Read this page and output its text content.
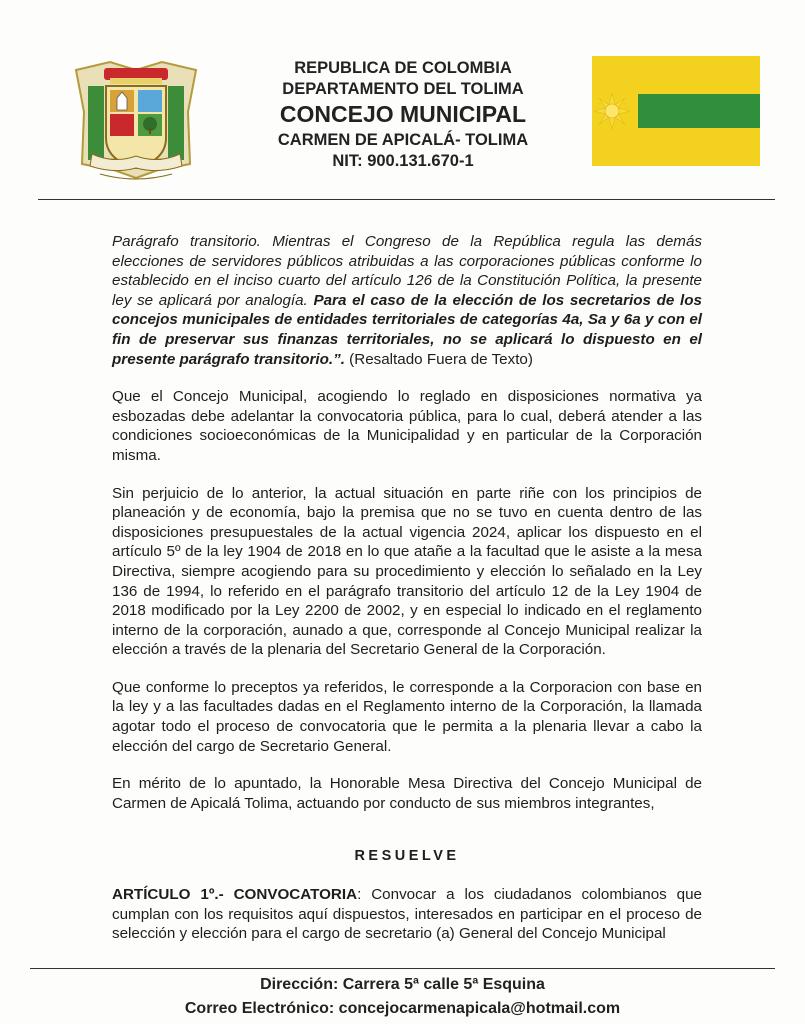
REPUBLICA DE COLOMBIA
DEPARTAMENTO DEL TOLIMA
CONCEJO MUNICIPAL
CARMEN DE APICALÁ- TOLIMA
NIT: 900.131.670-1

Parágrafo transitorio. Mientras el Congreso de la República regula las demás elecciones de servidores públicos atribuidas a las corporaciones públicas conforme lo establecido en el inciso cuarto del artículo 126 de la Constitución Política, la presente ley se aplicará por analogía. Para el caso de la elección de los secretarios de los concejos municipales de entidades territoriales de categorías 4a, Sa y 6a y con el fin de preservar sus finanzas territoriales, no se aplicará lo dispuesto en el presente parágrafo transitorio.”. (Resaltado Fuera de Texto)

Que el Concejo Municipal, acogiendo lo reglado en disposiciones normativa ya esbozadas debe adelantar la convocatoria pública, para lo cual, deberá atender a las condiciones socioeconómicas de la Municipalidad y en particular de la Corporación misma.

Sin perjuicio de lo anterior, la actual situación en parte riñe con los principios de planeación y de economía, bajo la premisa que no se tuvo en cuenta dentro de las disposiciones presupuestales de la actual vigencia 2024, aplicar los dispuesto en el artículo 5º de la ley 1904 de 2018 en lo que atañe a la facultad que le asiste a la mesa Directiva, siempre acogiendo para su procedimiento y elección lo señalado en la Ley 136 de 1994, lo referido en el parágrafo transitorio del artículo 12 de la Ley 1904 de 2018 modificado por la Ley 2200 de 2002, y en especial lo indicado en el reglamento interno de la corporación, aunado a que, corresponde al Concejo Municipal realizar la elección a través de la plenaria del Secretario General de la Corporación.

Que conforme lo preceptos ya referidos, le corresponde a la Corporacion con base en la ley y a las facultades dadas en el Reglamento interno de la Corporación, la llamada agotar todo el proceso de convocatoria que le permita a la plenaria llevar a cabo la elección del cargo de Secretario General.

En mérito de lo apuntado, la Honorable Mesa Directiva del Concejo Municipal de Carmen de Apicalá Tolima, actuando por conducto de sus miembros integrantes,

RESUELVE

ARTÍCULO 1º.- CONVOCATORIA: Convocar a los ciudadanos colombianos que cumplan con los requisitos aquí dispuestos, interesados en participar en el proceso de selección y elección para el cargo de secretario (a) General del Concejo Municipal

Dirección: Carrera 5ª calle 5ª Esquina
Correo Electrónico: concejocarmenapicala@hotmail.com
